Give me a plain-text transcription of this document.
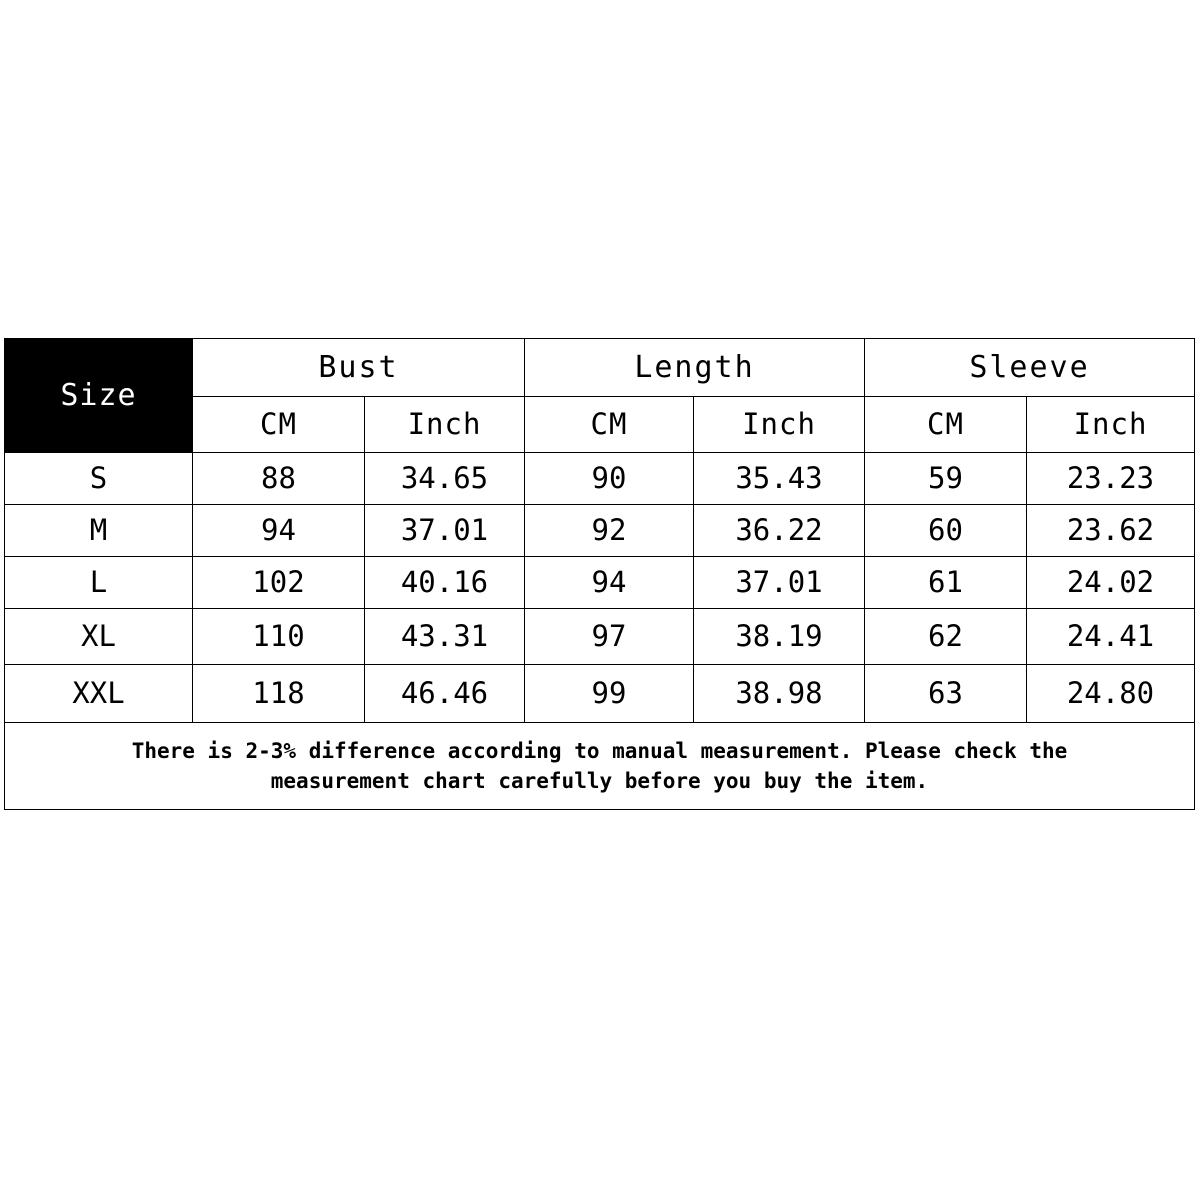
Size	Bust		Length		Sleeve	
	CM	Inch	CM	Inch	CM	Inch
S	88	34.65	90	35.43	59	23.23
M	94	37.01	92	36.22	60	23.62
L	102	40.16	94	37.01	61	24.02
XL	110	43.31	97	38.19	62	24.41
XXL	118	46.46	99	38.98	63	24.80

There is 2-3% difference according to manual measurement. Please check the
measurement chart carefully before you buy the item.						
